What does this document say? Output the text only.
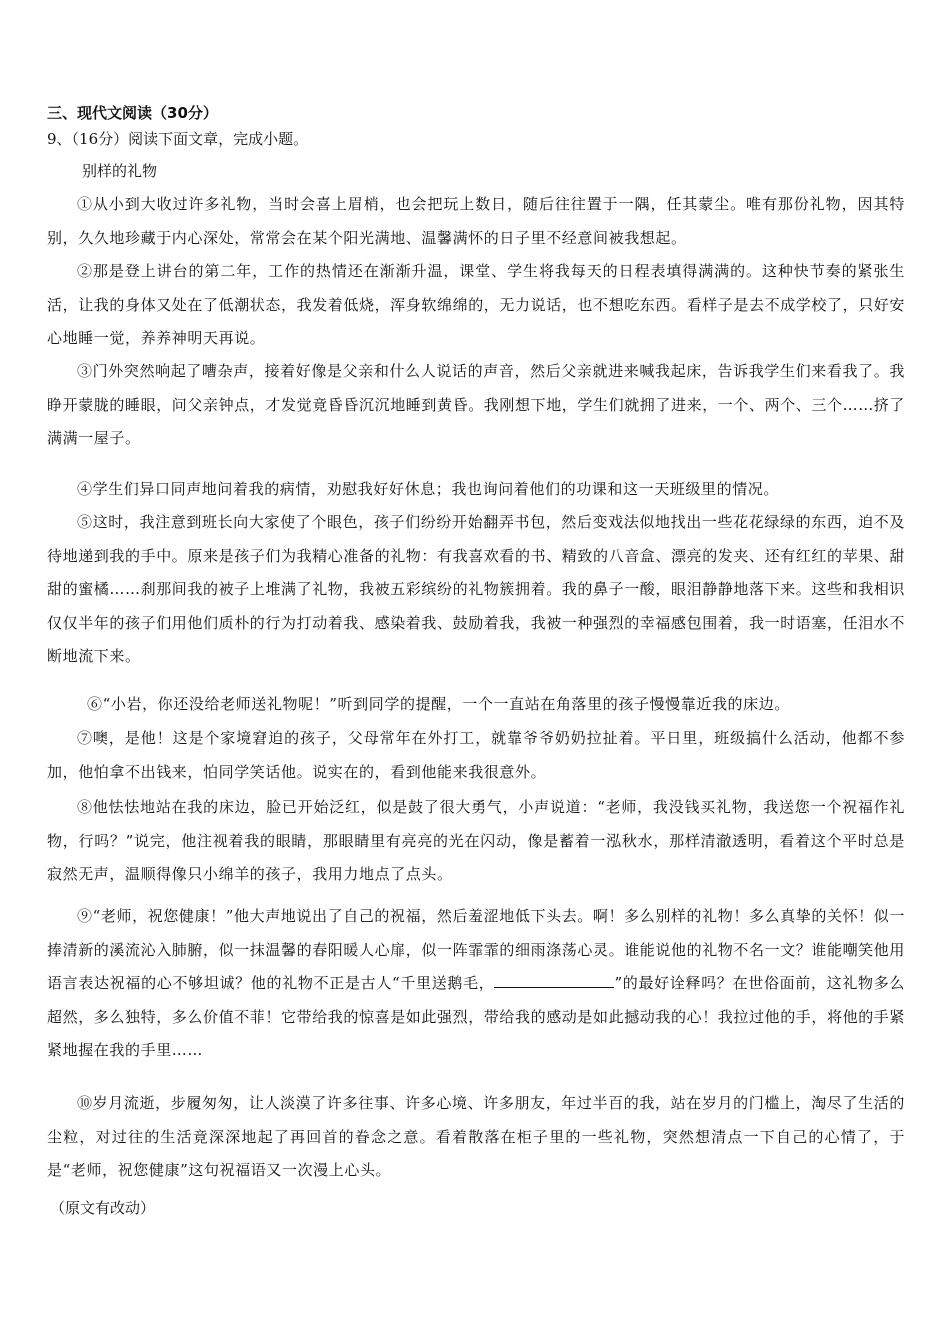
三、现代文阅读（30分）
9、（16分）阅读下面文章，完成小题。
别样的礼物

①从小到大收过许多礼物，当时会喜上眉梢，也会把玩上数日，随后往往置于一隅，任其蒙尘。唯有那份礼物，因其特别，久久地珍藏于内心深处，常常会在某个阳光满地、温馨满怀的日子里不经意间被我想起。

②那是登上讲台的第二年，工作的热情还在渐渐升温，课堂、学生将我每天的日程表填得满满的。这种快节奏的紧张生活，让我的身体又处在了低潮状态，我发着低烧，浑身软绵绵的，无力说话，也不想吃东西。看样子是去不成学校了，只好安心地睡一觉，养养神明天再说。

③门外突然响起了嘈杂声，接着好像是父亲和什么人说话的声音，然后父亲就进来喊我起床，告诉我学生们来看我了。我睁开蒙胧的睡眼，问父亲钟点，才发觉竟昏昏沉沉地睡到黄昏。我刚想下地，学生们就拥了进来，一个、两个、三个……挤了满满一屋子。

④学生们异口同声地问着我的病情，劝慰我好好休息；我也询问着他们的功课和这一天班级里的情况。

⑤这时，我注意到班长向大家使了个眼色，孩子们纷纷开始翻弄书包，然后变戏法似地找出一些花花绿绿的东西，迫不及待地递到我的手中。原来是孩子们为我精心准备的礼物：有我喜欢看的书、精致的八音盒、漂亮的发夹、还有红红的苹果、甜甜的蜜橘……刹那间我的被子上堆满了礼物，我被五彩缤纷的礼物簇拥着。我的鼻子一酸，眼泪静静地落下来。这些和我相识仅仅半年的孩子们用他们质朴的行为打动着我、感染着我、鼓励着我，我被一种强烈的幸福感包围着，我一时语塞，任泪水不断地流下来。

⑥“小岩，你还没给老师送礼物呢！”听到同学的提醒，一个一直站在角落里的孩子慢慢靠近我的床边。

⑦噢，是他！这是个家境窘迫的孩子，父母常年在外打工，就靠爷爷奶奶拉扯着。平日里，班级搞什么活动，他都不参加，他怕拿不出钱来，怕同学笑话他。说实在的，看到他能来我很意外。

⑧他怯怯地站在我的床边，脸已开始泛红，似是鼓了很大勇气，小声说道：“老师，我没钱买礼物，我送您一个祝福作礼物，行吗？”说完，他注视着我的眼睛，那眼睛里有亮亮的光在闪动，像是蓄着一泓秋水，那样清澈透明，看着这个平时总是寂然无声，温顺得像只小绵羊的孩子，我用力地点了点头。

⑨“老师，祝您健康！”他大声地说出了自己的祝福，然后羞涩地低下头去。啊！多么别样的礼物！多么真挚的关怀！似一捧清新的溪流沁入肺腑，似一抹温馨的春阳暖人心扉，似一阵霏霏的细雨涤荡心灵。谁能说他的礼物不名一文？谁能嘲笑他用语言表达祝福的心不够坦诚？他的礼物不正是古人“千里送鹅毛，	”的最好诠释吗？在世俗面前，这礼物多么超然，多么独特，多么价值不菲！它带给我的惊喜是如此强烈，带给我的感动是如此撼动我的心！我拉过他的手，将他的手紧紧地握在我的手里……

⑩岁月流逝，步履匆匆，让人淡漠了许多往事、许多心境、许多朋友，年过半百的我，站在岁月的门槛上，淘尽了生活的尘粒，对过往的生活竟深深地起了再回首的眷念之意。看着散落在柜子里的一些礼物，突然想清点一下自己的心情了，于是“老师，祝您健康”这句祝福语又一次漫上心头。

（原文有改动）
